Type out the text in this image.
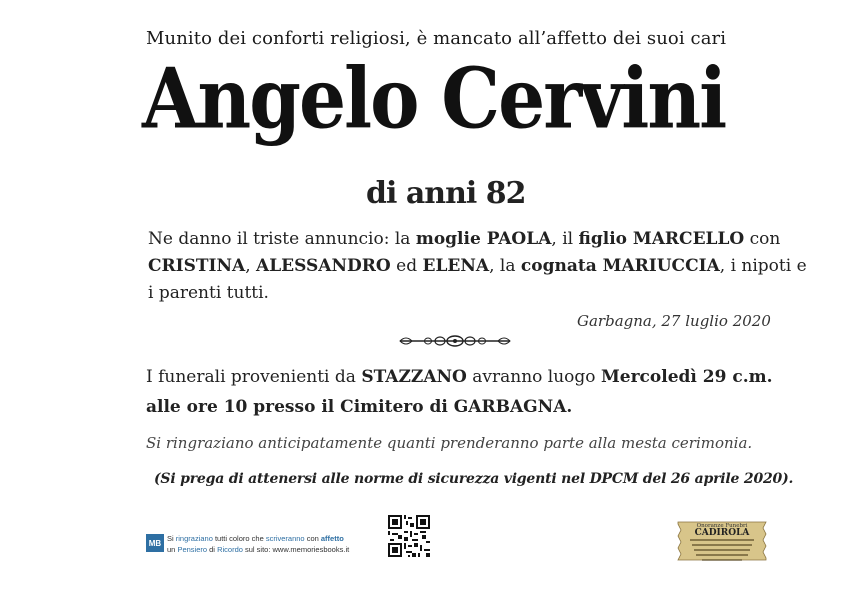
Munito dei conforti religiosi, è mancato all’affetto dei suoi cari
Angelo Cervini
di anni 82
Ne danno il triste annuncio: la moglie PAOLA, il figlio MARCELLO con CRISTINA, ALESSANDRO ed ELENA, la cognata MARIUCCIA, i nipoti e i parenti tutti.
Garbagna, 27 luglio 2020
I funerali provenienti da STAZZANO avranno luogo Mercoledì 29 c.m.
alle ore 10 presso il Cimitero di GARBAGNA.
Si ringraziano anticipatamente quanti prenderanno parte alla mesta cerimonia.
(Si prega di attenersi alle norme di sicurezza vigenti nel DPCM del 26 aprile 2020).
MB Si ringraziano tutti coloro che scriveranno con affetto
un Pensiero di Ricordo sul sito: www.memoriesbooks.it
Onoranze Funebri
CADIROLA
